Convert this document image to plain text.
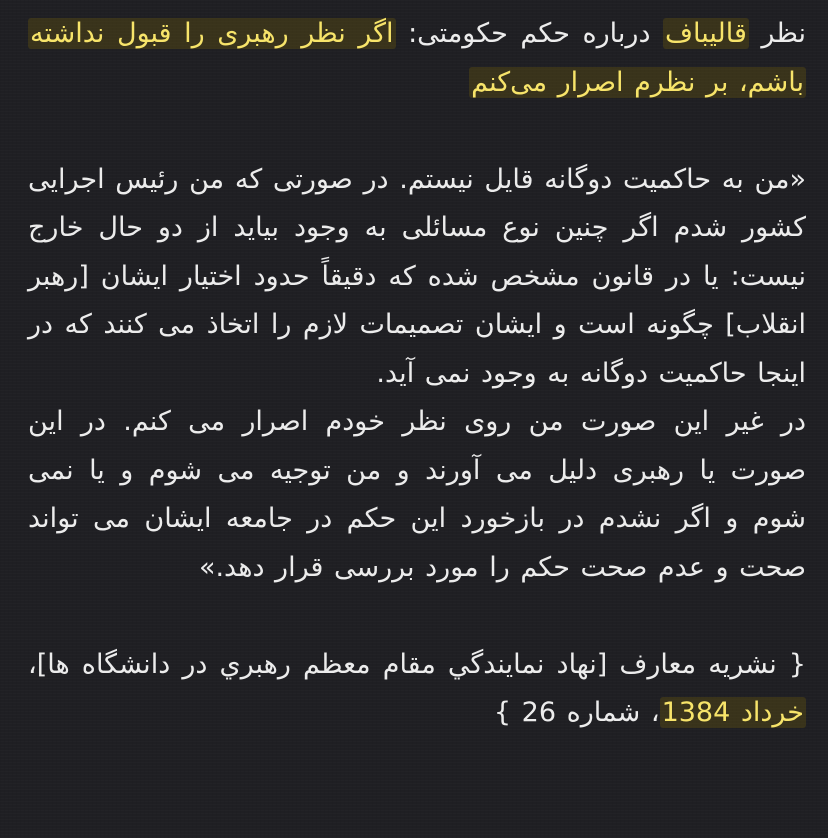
نظر قالیباف درباره حکم حکومتی: اگر نظر رهبری را قبول نداشته باشم، بر نظرم اصرار می‌کنم

«من به حاکمیت دوگانه قایل نیستم. در صورتی که من رئیس اجرایی کشور شدم اگر چنین نوع مسائلی به وجود بیاید از دو حال خارج نیست: یا در قانون مشخص شده که دقیقاً حدود اختیار ایشان [رهبر انقلاب] چگونه است و ایشان تصمیمات لازم را اتخاذ می کنند که در اینجا حاکمیت دوگانه به وجود نمی آید.

در غیر این صورت من روی نظر خودم اصرار می کنم. در این صورت یا رهبری دلیل می آورند و من توجیه می شوم و یا نمی شوم و اگر نشدم در بازخورد این حکم در جامعه ایشان می تواند صحت و عدم صحت حکم را مورد بررسی قرار دهد.»

{ نشریه معارف [نهاد نمایندگي مقام معظم رهبري در دانشگاه ها]، خرداد 1384، شماره 26 }
